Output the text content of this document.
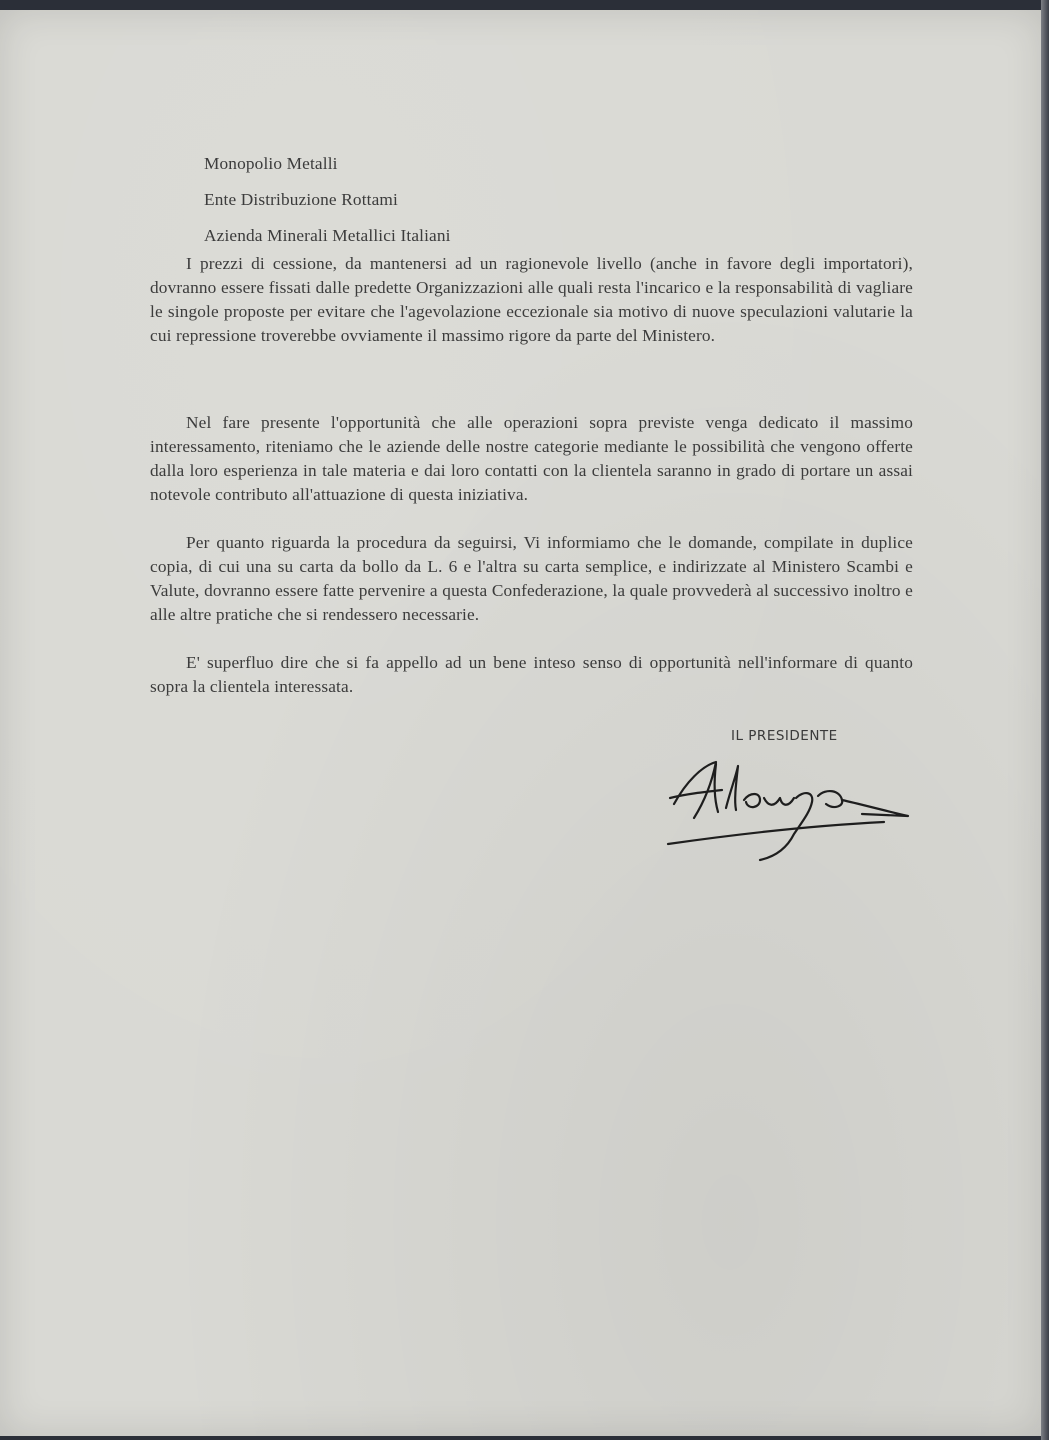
Monopolio Metalli

Ente Distribuzione Rottami

Azienda Minerali Metallici Italiani

I prezzi di cessione, da mantenersi ad un ragionevole livello (anche in favore degli importatori), dovranno essere fissati dalle predette Organizzazioni alle quali resta l'incarico e la responsabilità di vagliare le singole proposte per evitare che l'agevolazione eccezionale sia motivo di nuove speculazioni valutarie la cui repressione troverebbe ovviamente il massimo rigore da parte del Ministero.

Nel fare presente l'opportunità che alle operazioni sopra previste venga dedicato il massimo interessamento, riteniamo che le aziende delle nostre categorie mediante le possibilità che vengono offerte dalla loro esperienza in tale materia e dai loro contatti con la clientela saranno in grado di portare un assai notevole contributo all'attuazione di questa iniziativa.

Per quanto riguarda la procedura da seguirsi, Vi informiamo che le domande, compilate in duplice copia, di cui una su carta da bollo da L. 6 e l'altra su carta semplice, e indirizzate al Ministero Scambi e Valute, dovranno essere fatte pervenire a questa Confederazione, la quale provvederà al successivo inoltro e alle altre pratiche che si rendessero necessarie.

E' superfluo dire che si fa appello ad un bene inteso senso di opportunità nell'informare di quanto sopra la clientela interessata.

IL PRESIDENTE
